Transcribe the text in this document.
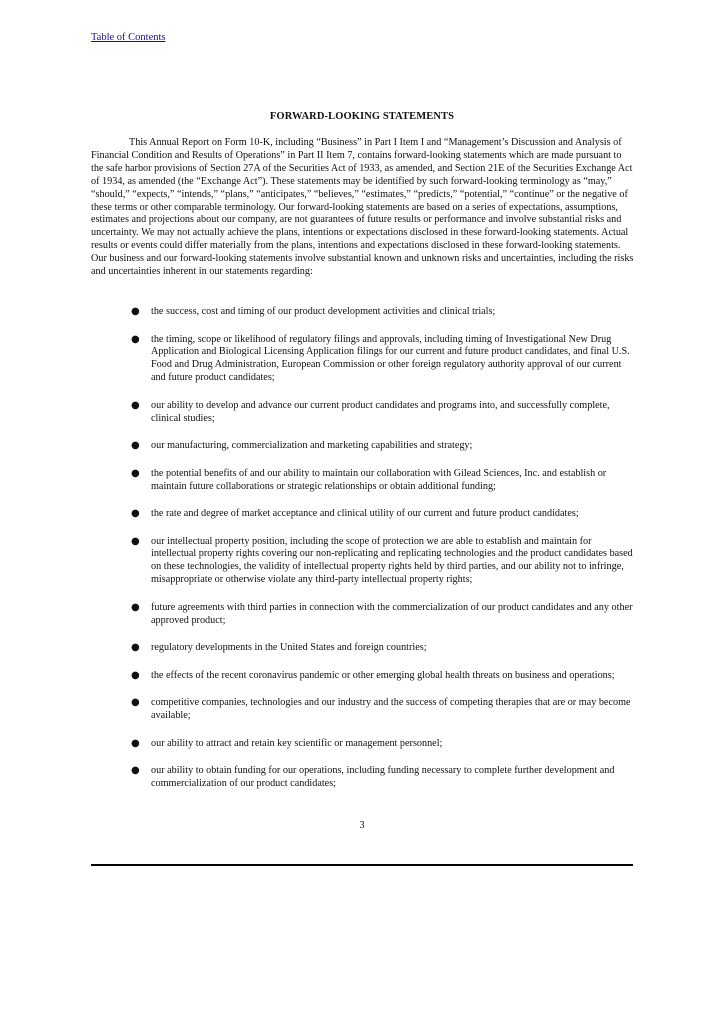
Table of Contents
FORWARD-LOOKING STATEMENTS

This Annual Report on Form 10-K, including “Business” in Part I Item I and “Management’s Discussion and Analysis of Financial Condition and Results of Operations” in Part II Item 7, contains forward-looking statements which are made pursuant to the safe harbor provisions of Section 27A of the Securities Act of 1933, as amended, and Section 21E of the Securities Exchange Act of 1934, as amended (the “Exchange Act”). These statements may be identified by such forward-looking terminology as “may,” “should,” “expects,” “intends,” “plans,” “anticipates,” “believes,” “estimates,” “predicts,” “potential,” “continue” or the negative of these terms or other comparable terminology. Our forward-looking statements are based on a series of expectations, assumptions, estimates and projections about our company, are not guarantees of future results or performance and involve substantial risks and uncertainty. We may not actually achieve the plans, intentions or expectations disclosed in these forward-looking statements. Actual results or events could differ materially from the plans, intentions and expectations disclosed in these forward-looking statements. Our business and our forward-looking statements involve substantial known and unknown risks and uncertainties, including the risks and uncertainties inherent in our statements regarding:

● the success, cost and timing of our product development activities and clinical trials;
● the timing, scope or likelihood of regulatory filings and approvals, including timing of Investigational New Drug Application and Biological Licensing Application filings for our current and future product candidates, and final U.S. Food and Drug Administration, European Commission or other foreign regulatory authority approval of our current and future product candidates;
● our ability to develop and advance our current product candidates and programs into, and successfully complete, clinical studies;
● our manufacturing, commercialization and marketing capabilities and strategy;
● the potential benefits of and our ability to maintain our collaboration with Gilead Sciences, Inc. and establish or maintain future collaborations or strategic relationships or obtain additional funding;
● the rate and degree of market acceptance and clinical utility of our current and future product candidates;
● our intellectual property position, including the scope of protection we are able to establish and maintain for intellectual property rights covering our non-replicating and replicating technologies and the product candidates based on these technologies, the validity of intellectual property rights held by third parties, and our ability not to infringe, misappropriate or otherwise violate any third-party intellectual property rights;
● future agreements with third parties in connection with the commercialization of our product candidates and any other approved product;
● regulatory developments in the United States and foreign countries;
● the effects of the recent coronavirus pandemic or other emerging global health threats on business and operations;
● competitive companies, technologies and our industry and the success of competing therapies that are or may become available;
● our ability to attract and retain key scientific or management personnel;
● our ability to obtain funding for our operations, including funding necessary to complete further development and commercialization of our product candidates;
3
